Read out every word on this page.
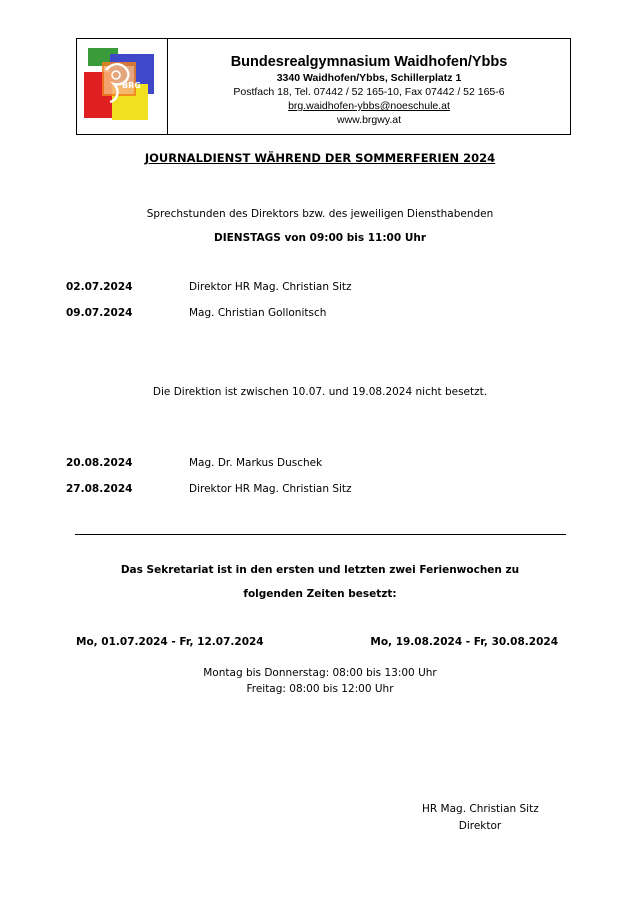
BRG
Bundesrealgymnasium Waidhofen/Ybbs
3340 Waidhofen/Ybbs, Schillerplatz 1
Postfach 18, Tel. 07442 / 52 165-10, Fax 07442 / 52 165-6
brg.waidhofen-ybbs@noeschule.at
www.brgwy.at
JOURNALDIENST WÄHREND DER SOMMERFERIEN 2024
Sprechstunden des Direktors bzw. des jeweiligen Diensthabenden
DIENSTAGS von 09:00 bis 11:00 Uhr
02.07.2024	Direktor HR Mag. Christian Sitz
09.07.2024	Mag. Christian Gollonitsch
Die Direktion ist zwischen 10.07. und 19.08.2024 nicht besetzt.
20.08.2024	Mag. Dr. Markus Duschek
27.08.2024	Direktor HR Mag. Christian Sitz
Das Sekretariat ist in den ersten und letzten zwei Ferienwochen zu
folgenden Zeiten besetzt:
Mo, 01.07.2024 - Fr, 12.07.2024	Mo, 19.08.2024 - Fr, 30.08.2024
Montag bis Donnerstag: 08:00 bis 13:00 Uhr
Freitag: 08:00 bis 12:00 Uhr
HR Mag. Christian Sitz
Direktor
